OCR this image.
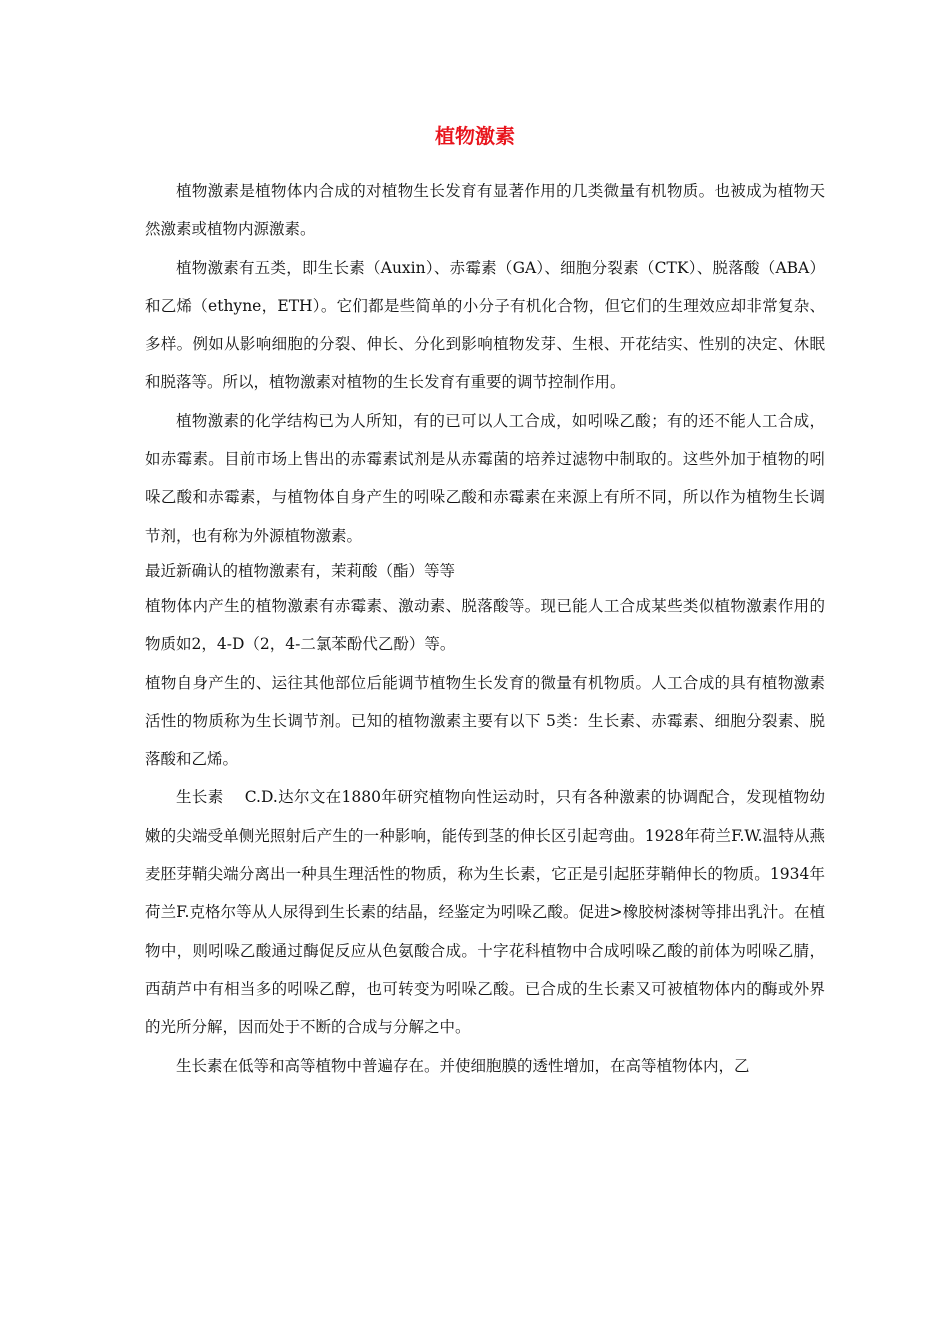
植物激素

植物激素是植物体内合成的对植物生长发育有显著作用的几类微量有机物质。也被成为植物天然激素或植物内源激素。

植物激素有五类，即生长素（Auxin）、赤霉素（GA）、细胞分裂素（CTK）、脱落酸（ABA）和乙烯（ethyne，ETH）。它们都是些简单的小分子有机化合物，但它们的生理效应却非常复杂、多样。例如从影响细胞的分裂、伸长、分化到影响植物发芽、生根、开花结实、性别的决定、休眠和脱落等。所以，植物激素对植物的生长发育有重要的调节控制作用。

植物激素的化学结构已为人所知，有的已可以人工合成，如吲哚乙酸；有的还不能人工合成，如赤霉素。目前市场上售出的赤霉素试剂是从赤霉菌的培养过滤物中制取的。这些外加于植物的吲哚乙酸和赤霉素，与植物体自身产生的吲哚乙酸和赤霉素在来源上有所不同，所以作为植物生长调节剂，也有称为外源植物激素。

最近新确认的植物激素有，茉莉酸（酯）等等

植物体内产生的植物激素有赤霉素、激动素、脱落酸等。现已能人工合成某些类似植物激素作用的物质如2，4-D（2，4-二氯苯酚代乙酚）等。

植物自身产生的、运往其他部位后能调节植物生长发育的微量有机物质。人工合成的具有植物激素活性的物质称为生长调节剂。已知的植物激素主要有以下 5类：生长素、赤霉素、细胞分裂素、脱落酸和乙烯。

生长素　 C.D.达尔文在1880年研究植物向性运动时，只有各种激素的协调配合，发现植物幼嫩的尖端受单侧光照射后产生的一种影响，能传到茎的伸长区引起弯曲。1928年荷兰F.W.温特从燕麦胚芽鞘尖端分离出一种具生理活性的物质，称为生长素，它正是引起胚芽鞘伸长的物质。1934年荷兰F.克格尔等从人尿得到生长素的结晶，经鉴定为吲哚乙酸。促进>橡胶树漆树等排出乳汁。在植物中，则吲哚乙酸通过酶促反应从色氨酸合成。十字花科植物中合成吲哚乙酸的前体为吲哚乙腈，西葫芦中有相当多的吲哚乙醇，也可转变为吲哚乙酸。已合成的生长素又可被植物体内的酶或外界的光所分解，因而处于不断的合成与分解之中。

生长素在低等和高等植物中普遍存在。并使细胞膜的透性增加，在高等植物体内，乙
